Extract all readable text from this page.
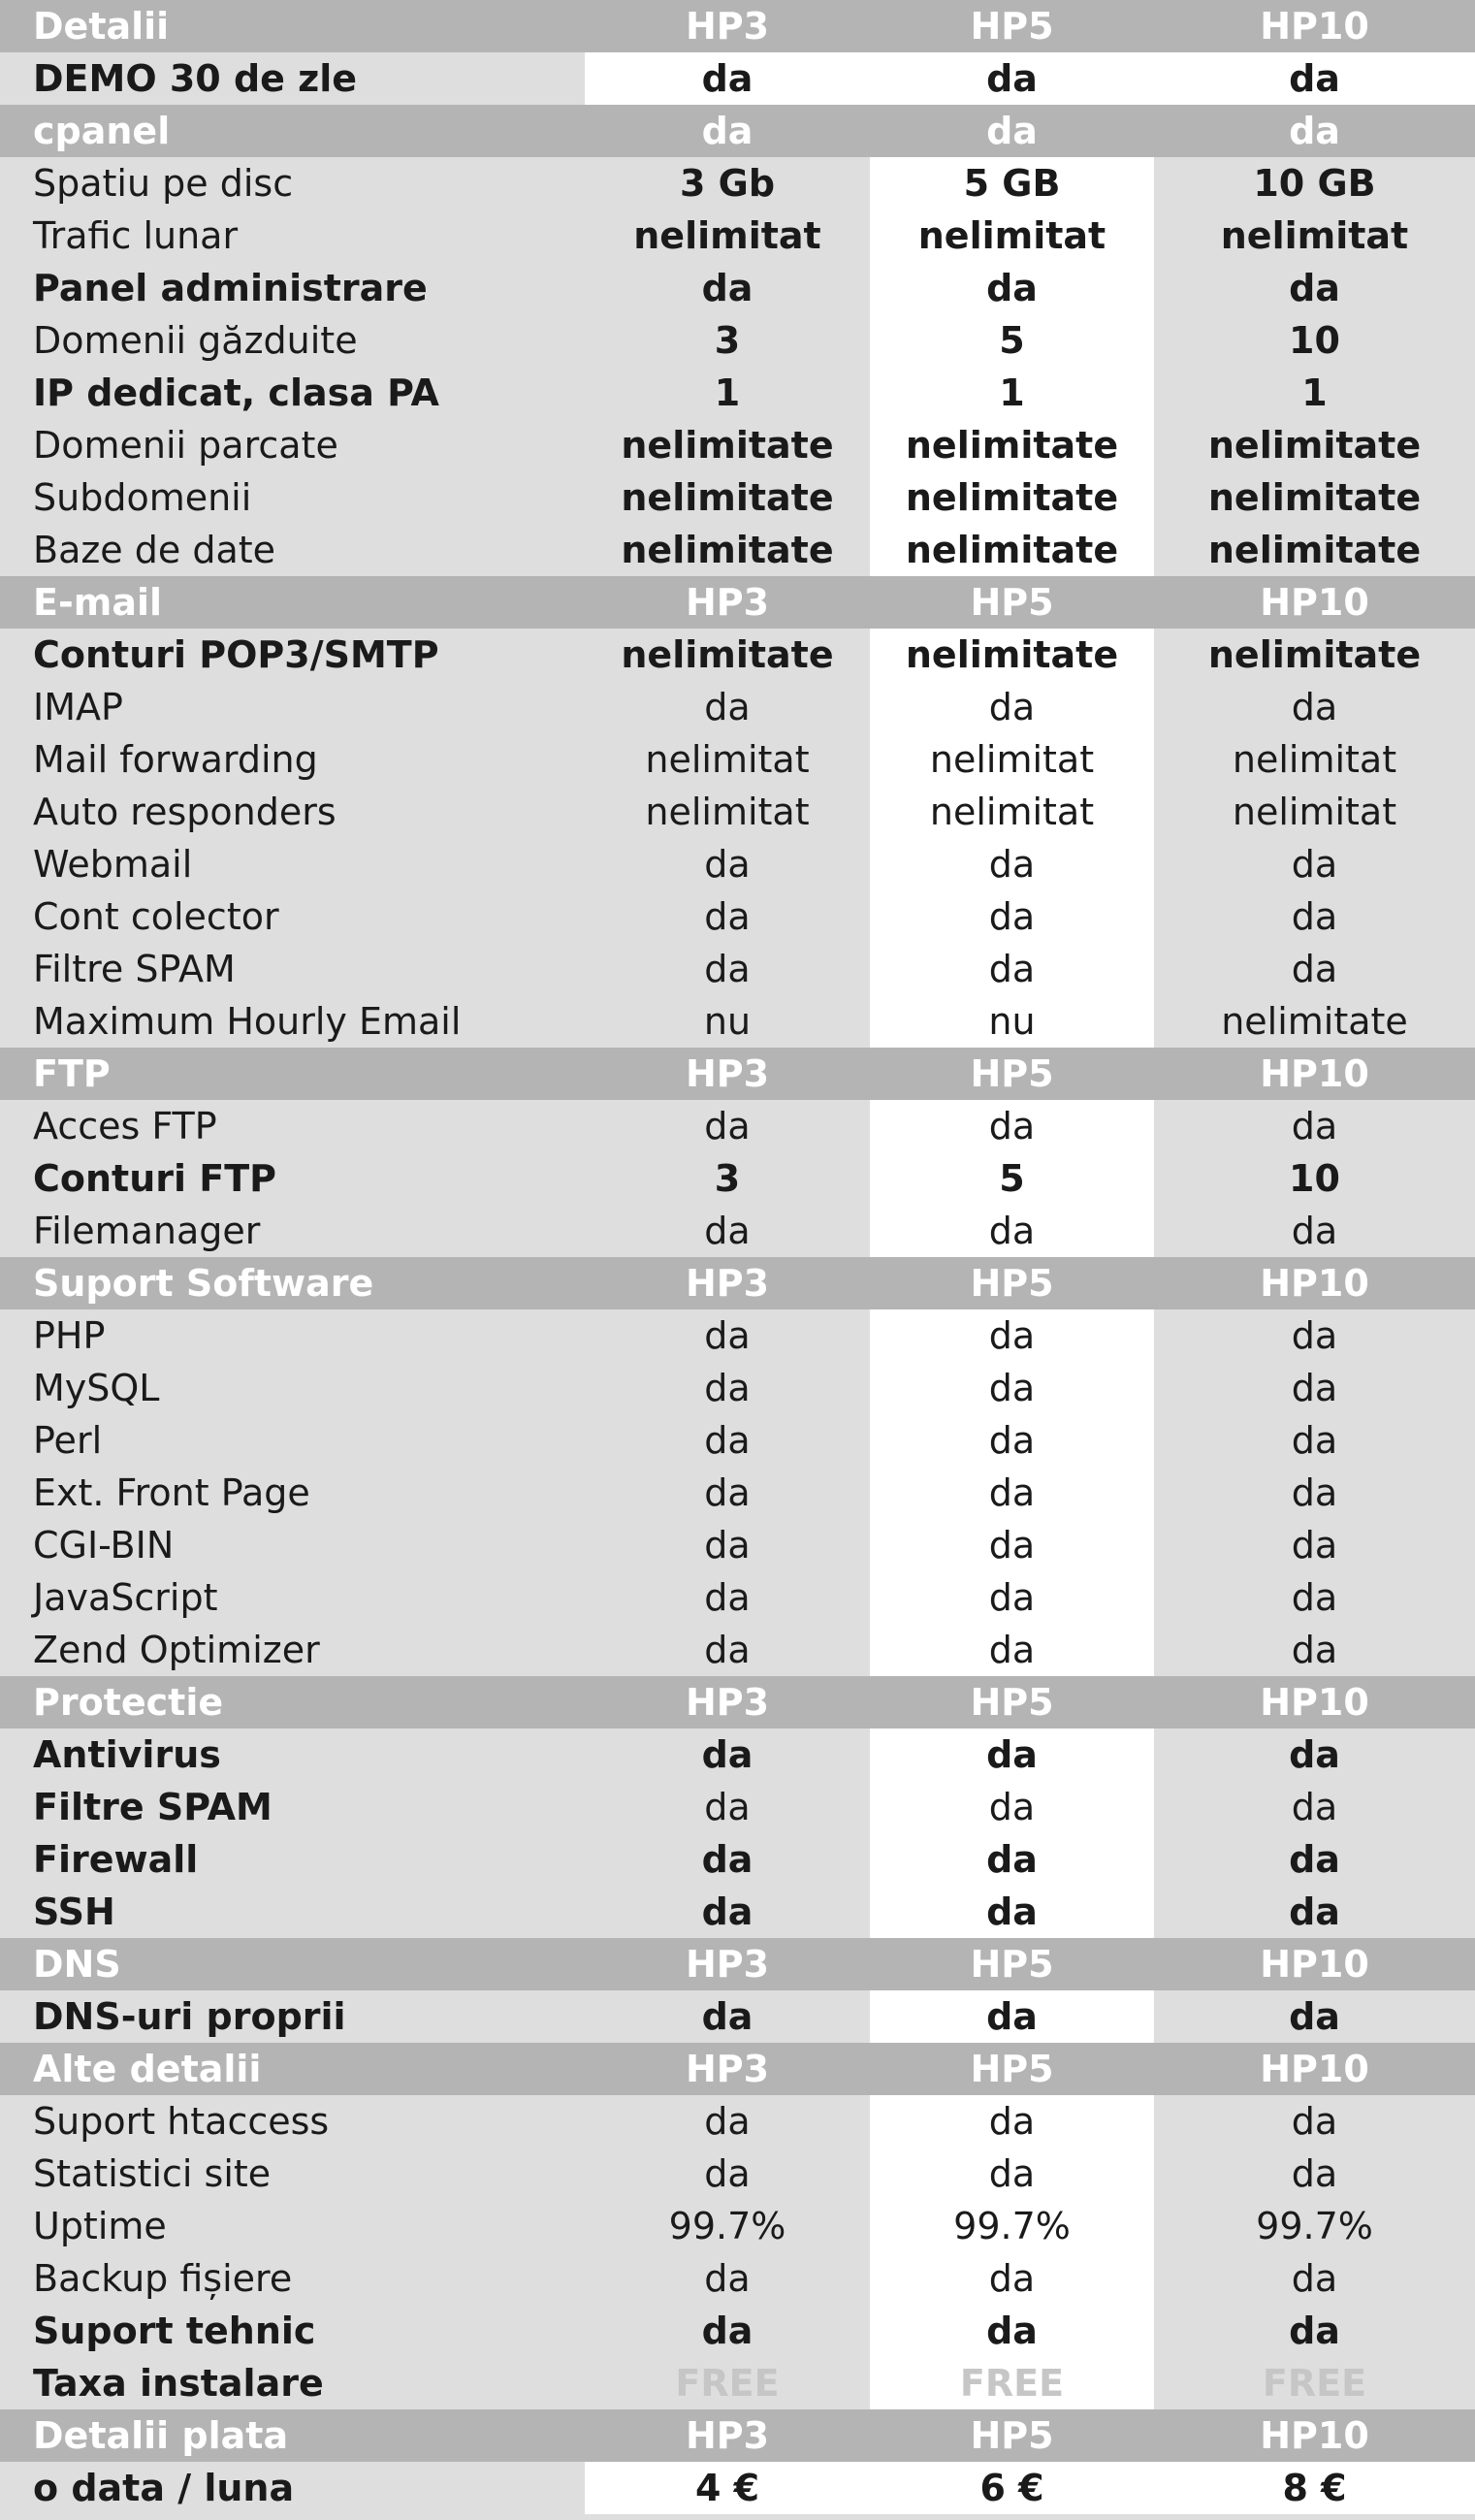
Detalii	HP3	HP5	HP10
DEMO 30 de zle	da	da	da
cpanel	da	da	da
Spatiu pe disc	3 Gb	5 GB	10 GB
Trafic lunar	nelimitat	nelimitat	nelimitat
Panel administrare	da	da	da
Domenii găzduite	3	5	10
IP dedicat, clasa PA	1	1	1
Domenii parcate	nelimitate	nelimitate	nelimitate
Subdomenii	nelimitate	nelimitate	nelimitate
Baze de date	nelimitate	nelimitate	nelimitate
E-mail	HP3	HP5	HP10
Conturi POP3/SMTP	nelimitate	nelimitate	nelimitate
IMAP	da	da	da
Mail forwarding	nelimitat	nelimitat	nelimitat
Auto responders	nelimitat	nelimitat	nelimitat
Webmail	da	da	da
Cont colector	da	da	da
Filtre SPAM	da	da	da
Maximum Hourly Email	nu	nu	nelimitate
FTP	HP3	HP5	HP10
Acces FTP	da	da	da
Conturi FTP	3	5	10
Filemanager	da	da	da
Suport Software	HP3	HP5	HP10
PHP	da	da	da
MySQL	da	da	da
Perl	da	da	da
Ext. Front Page	da	da	da
CGI-BIN	da	da	da
JavaScript	da	da	da
Zend Optimizer	da	da	da
Protectie	HP3	HP5	HP10
Antivirus	da	da	da
Filtre SPAM	da	da	da
Firewall	da	da	da
SSH	da	da	da
DNS	HP3	HP5	HP10
DNS-uri proprii	da	da	da
Alte detalii	HP3	HP5	HP10
Suport htaccess	da	da	da
Statistici site	da	da	da
Uptime	99.7%	99.7%	99.7%
Backup fișiere	da	da	da
Suport tehnic	da	da	da
Taxa instalare	FREE	FREE	FREE
Detalii plata	HP3	HP5	HP10
o data / luna	4 €	6 €	8 €
